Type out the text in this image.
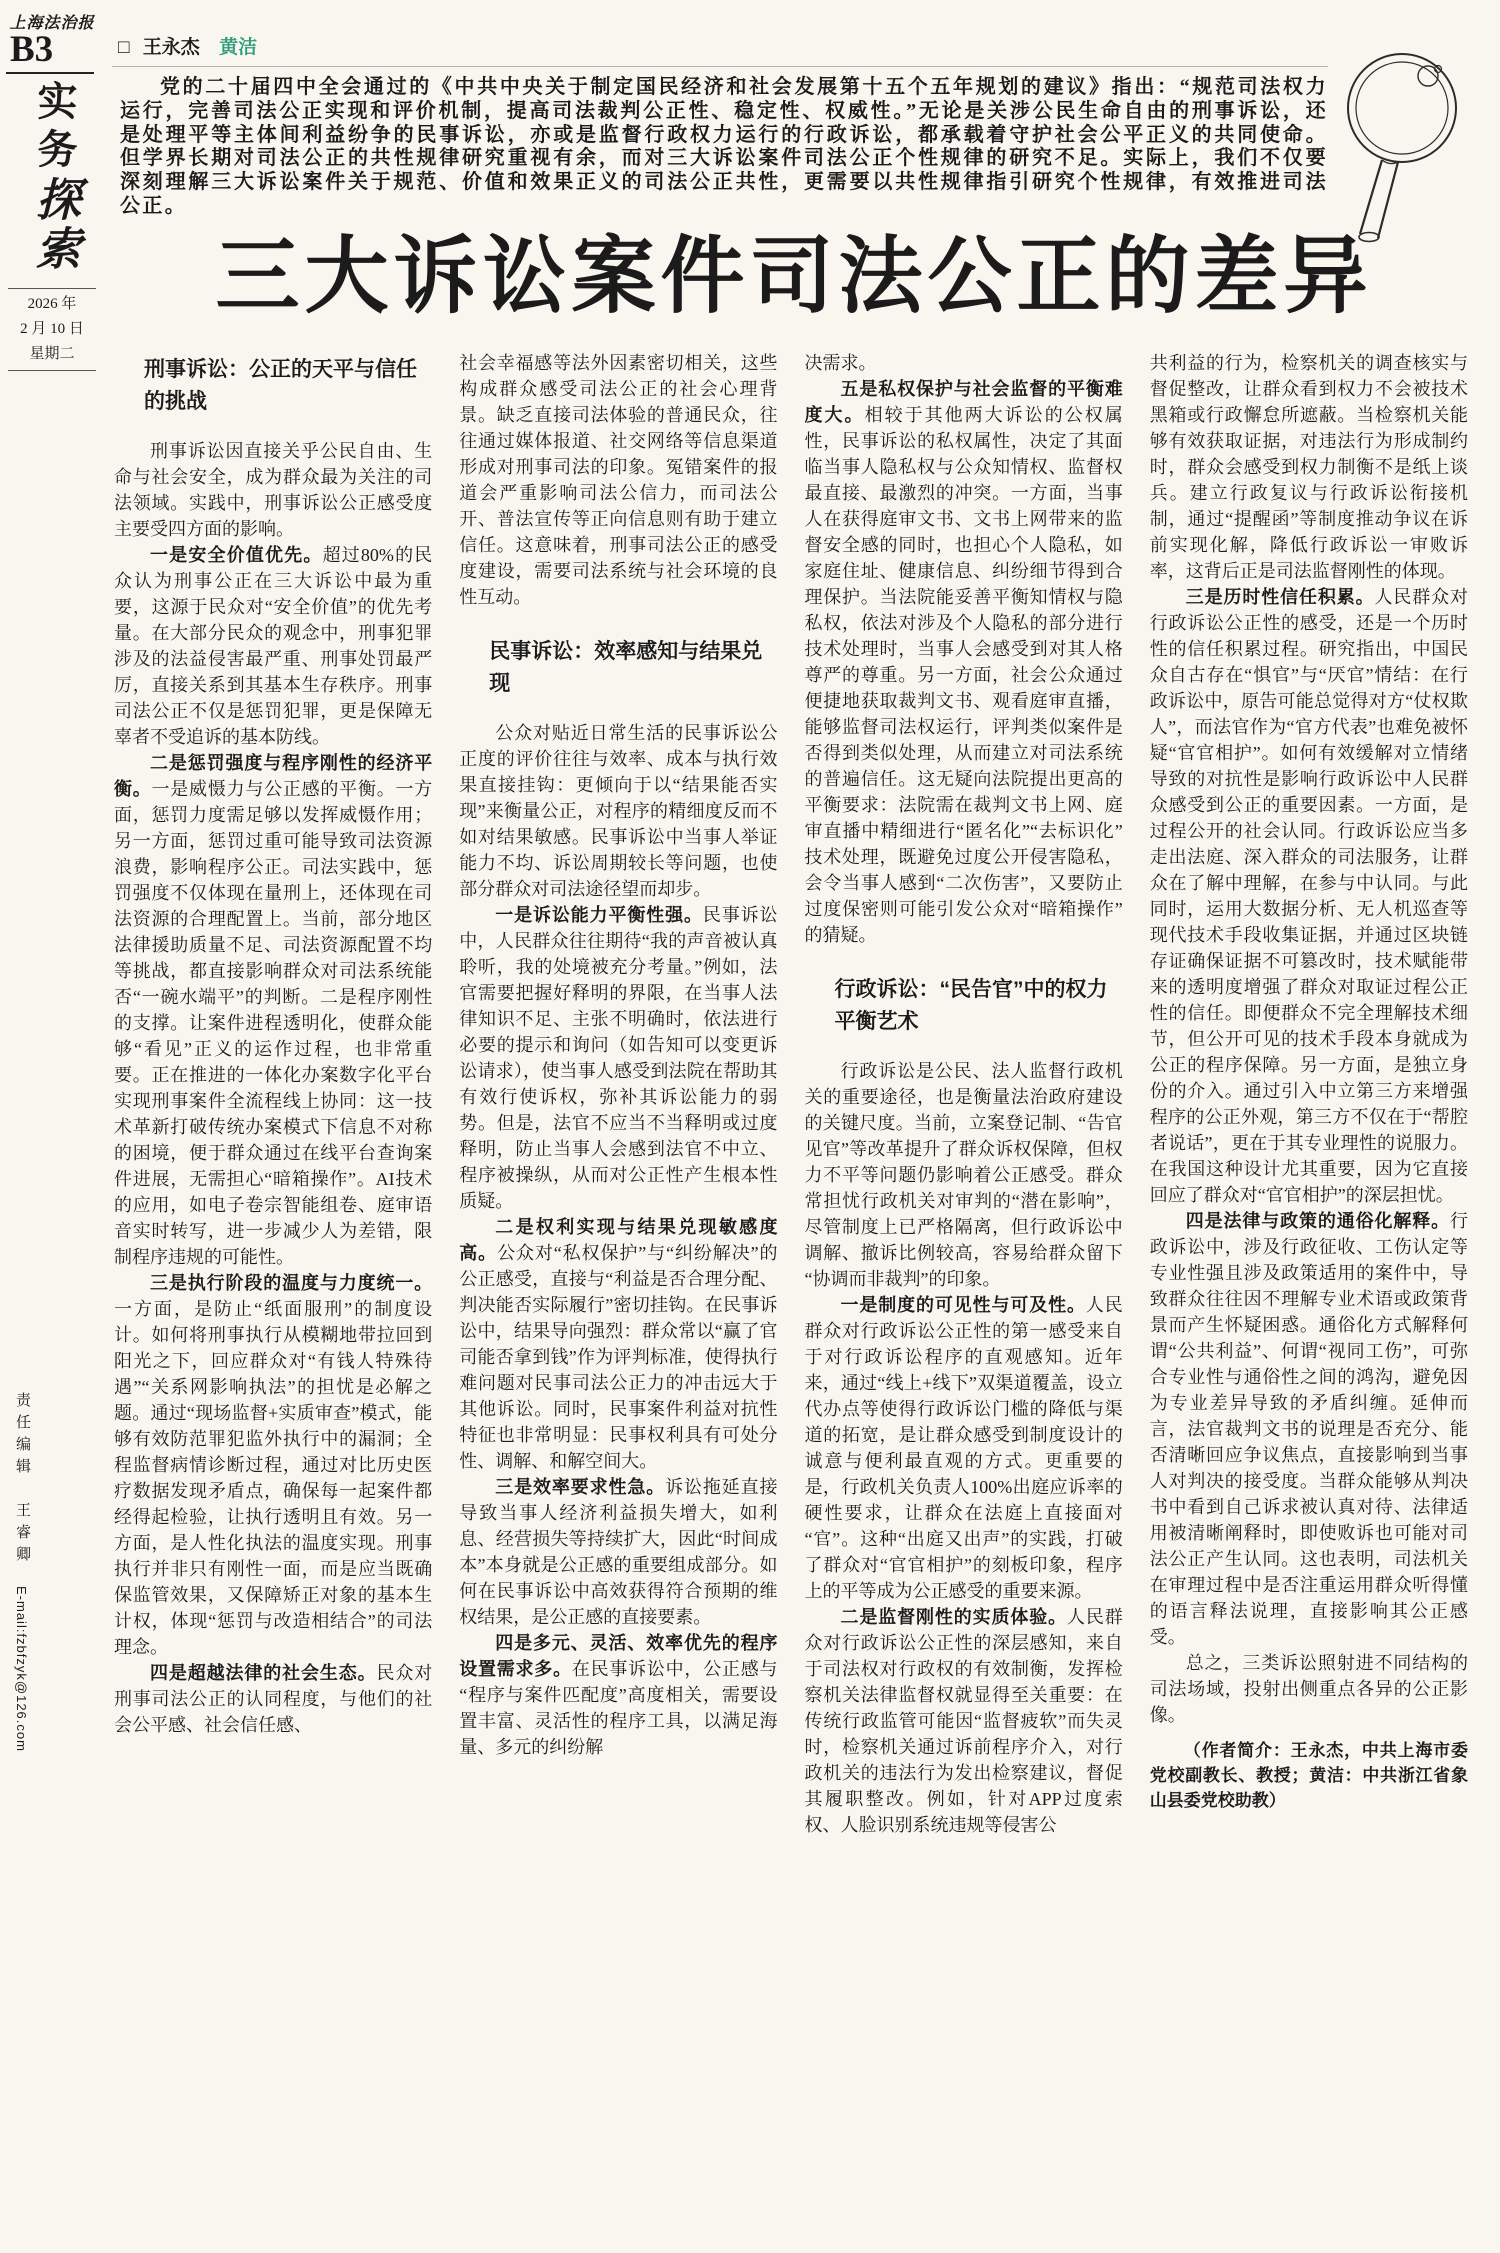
上海法治报
B3
实务
探索
2026 年
2 月 10 日
星期二
责任编辑　王睿卿
E-mail:fzbfzyk@126.com
□ 王永杰 黄洁

党的二十届四中全会通过的《中共中央关于制定国民经济和社会发展第十五个五年规划的建议》指出：“规范司法权力运行，完善司法公正实现和评价机制，提高司法裁判公正性、稳定性、权威性。”无论是关涉公民生命自由的刑事诉讼，还是处理平等主体间利益纷争的民事诉讼，亦或是监督行政权力运行的行政诉讼，都承载着守护社会公平正义的共同使命。但学界长期对司法公正的共性规律研究重视有余，而对三大诉讼案件司法公正个性规律的研究不足。实际上，我们不仅要深刻理解三大诉讼案件关于规范、价值和效果正义的司法公正共性，更需要以共性规律指引研究个性规律，有效推进司法公正。

三大诉讼案件司法公正的差异
刑事诉讼：公正的天平与信任的挑战

刑事诉讼因直接关乎公民自由、生命与社会安全，成为群众最为关注的司法领域。实践中，刑事诉讼公正感受度主要受四方面的影响。

一是安全价值优先。超过80%的民众认为刑事公正在三大诉讼中最为重要，这源于民众对“安全价值”的优先考量。在大部分民众的观念中，刑事犯罪涉及的法益侵害最严重、刑事处罚最严厉，直接关系到其基本生存秩序。刑事司法公正不仅是惩罚犯罪，更是保障无辜者不受追诉的基本防线。

二是惩罚强度与程序刚性的经济平衡。一是威慑力与公正感的平衡。一方面，惩罚力度需足够以发挥威慑作用；另一方面，惩罚过重可能导致司法资源浪费，影响程序公正。司法实践中，惩罚强度不仅体现在量刑上，还体现在司法资源的合理配置上。当前，部分地区法律援助质量不足、司法资源配置不均等挑战，都直接影响群众对司法系统能否“一碗水端平”的判断。二是程序刚性的支撑。让案件进程透明化，使群众能够“看见”正义的运作过程，也非常重要。正在推进的一体化办案数字化平台实现刑事案件全流程线上协同：这一技术革新打破传统办案模式下信息不对称的困境，便于群众通过在线平台查询案件进展，无需担心“暗箱操作”。AI技术的应用，如电子卷宗智能组卷、庭审语音实时转写，进一步减少人为差错，限制程序违规的可能性。

三是执行阶段的温度与力度统一。一方面，是防止“纸面服刑”的制度设计。如何将刑事执行从模糊地带拉回到阳光之下，回应群众对“有钱人特殊待遇”“关系网影响执法”的担忧是必解之题。通过“现场监督+实质审查”模式，能够有效防范罪犯监外执行中的漏洞；全程监督病情诊断过程，通过对比历史医疗数据发现矛盾点，确保每一起案件都经得起检验，让执行透明且有效。另一方面，是人性化执法的温度实现。刑事执行并非只有刚性一面，而是应当既确保监管效果，又保障矫正对象的基本生计权，体现“惩罚与改造相结合”的司法理念。

四是超越法律的社会生态。民众对刑事司法公正的认同程度，与他们的社会公平感、社会信任感、

社会幸福感等法外因素密切相关，这些构成群众感受司法公正的社会心理背景。缺乏直接司法体验的普通民众，往往通过媒体报道、社交网络等信息渠道形成对刑事司法的印象。冤错案件的报道会严重影响司法公信力，而司法公开、普法宣传等正向信息则有助于建立信任。这意味着，刑事司法公正的感受度建设，需要司法系统与社会环境的良性互动。

民事诉讼：效率感知与结果兑现

公众对贴近日常生活的民事诉讼公正度的评价往往与效率、成本与执行效果直接挂钩：更倾向于以“结果能否实现”来衡量公正，对程序的精细度反而不如对结果敏感。民事诉讼中当事人举证能力不均、诉讼周期较长等问题，也使部分群众对司法途径望而却步。

一是诉讼能力平衡性强。民事诉讼中，人民群众往往期待“我的声音被认真聆听，我的处境被充分考量。”例如，法官需要把握好释明的界限，在当事人法律知识不足、主张不明确时，依法进行必要的提示和询问（如告知可以变更诉讼请求），使当事人感受到法院在帮助其有效行使诉权，弥补其诉讼能力的弱势。但是，法官不应当不当释明或过度释明，防止当事人会感到法官不中立、程序被操纵，从而对公正性产生根本性质疑。

二是权利实现与结果兑现敏感度高。公众对“私权保护”与“纠纷解决”的公正感受，直接与“利益是否合理分配、判决能否实际履行”密切挂钩。在民事诉讼中，结果导向强烈：群众常以“赢了官司能否拿到钱”作为评判标准，使得执行难问题对民事司法公正力的冲击远大于其他诉讼。同时，民事案件利益对抗性特征也非常明显：民事权利具有可处分性、调解、和解空间大。

三是效率要求性急。诉讼拖延直接导致当事人经济利益损失增大，如利息、经营损失等持续扩大，因此“时间成本”本身就是公正感的重要组成部分。如何在民事诉讼中高效获得符合预期的维权结果，是公正感的直接要素。

四是多元、灵活、效率优先的程序设置需求多。在民事诉讼中，公正感与“程序与案件匹配度”高度相关，需要设置丰富、灵活性的程序工具，以满足海量、多元的纠纷解

决需求。

五是私权保护与社会监督的平衡难度大。相较于其他两大诉讼的公权属性，民事诉讼的私权属性，决定了其面临当事人隐私权与公众知情权、监督权最直接、最激烈的冲突。一方面，当事人在获得庭审文书、文书上网带来的监督安全感的同时，也担心个人隐私，如家庭住址、健康信息、纠纷细节得到合理保护。当法院能妥善平衡知情权与隐私权，依法对涉及个人隐私的部分进行技术处理时，当事人会感受到对其人格尊严的尊重。另一方面，社会公众通过便捷地获取裁判文书、观看庭审直播，能够监督司法权运行，评判类似案件是否得到类似处理，从而建立对司法系统的普遍信任。这无疑向法院提出更高的平衡要求：法院需在裁判文书上网、庭审直播中精细进行“匿名化”“去标识化”技术处理，既避免过度公开侵害隐私，会令当事人感到“二次伤害”，又要防止过度保密则可能引发公众对“暗箱操作”的猜疑。

行政诉讼：“民告官”中的权力平衡艺术

行政诉讼是公民、法人监督行政机关的重要途径，也是衡量法治政府建设的关键尺度。当前，立案登记制、“告官见官”等改革提升了群众诉权保障，但权力不平等问题仍影响着公正感受。群众常担忧行政机关对审判的“潜在影响”，尽管制度上已严格隔离，但行政诉讼中调解、撤诉比例较高，容易给群众留下“协调而非裁判”的印象。

一是制度的可见性与可及性。人民群众对行政诉讼公正性的第一感受来自于对行政诉讼程序的直观感知。近年来，通过“线上+线下”双渠道覆盖，设立代办点等使得行政诉讼门槛的降低与渠道的拓宽，是让群众感受到制度设计的诚意与便利最直观的方式。更重要的是，行政机关负责人100%出庭应诉率的硬性要求，让群众在法庭上直接面对“官”。这种“出庭又出声”的实践，打破了群众对“官官相护”的刻板印象，程序上的平等成为公正感受的重要来源。

二是监督刚性的实质体验。人民群众对行政诉讼公正性的深层感知，来自于司法权对行政权的有效制衡，发挥检察机关法律监督权就显得至关重要：在传统行政监管可能因“监督疲软”而失灵时，检察机关通过诉前程序介入，对行政机关的违法行为发出检察建议，督促其履职整改。例如，针对APP过度索权、人脸识别系统违规等侵害公

共利益的行为，检察机关的调查核实与督促整改，让群众看到权力不会被技术黑箱或行政懈怠所遮蔽。当检察机关能够有效获取证据，对违法行为形成制约时，群众会感受到权力制衡不是纸上谈兵。建立行政复议与行政诉讼衔接机制，通过“提醒函”等制度推动争议在诉前实现化解，降低行政诉讼一审败诉率，这背后正是司法监督刚性的体现。

三是历时性信任积累。人民群众对行政诉讼公正性的感受，还是一个历时性的信任积累过程。研究指出，中国民众自古存在“惧官”与“厌官”情结：在行政诉讼中，原告可能总觉得对方“仗权欺人”，而法官作为“官方代表”也难免被怀疑“官官相护”。如何有效缓解对立情绪导致的对抗性是影响行政诉讼中人民群众感受到公正的重要因素。一方面，是过程公开的社会认同。行政诉讼应当多走出法庭、深入群众的司法服务，让群众在了解中理解，在参与中认同。与此同时，运用大数据分析、无人机巡查等现代技术手段收集证据，并通过区块链存证确保证据不可篡改时，技术赋能带来的透明度增强了群众对取证过程公正性的信任。即便群众不完全理解技术细节，但公开可见的技术手段本身就成为公正的程序保障。另一方面，是独立身份的介入。通过引入中立第三方来增强程序的公正外观，第三方不仅在于“帮腔者说话”，更在于其专业理性的说服力。在我国这种设计尤其重要，因为它直接回应了群众对“官官相护”的深层担忧。

四是法律与政策的通俗化解释。行政诉讼中，涉及行政征收、工伤认定等专业性强且涉及政策适用的案件中，导致群众往往因不理解专业术语或政策背景而产生怀疑困惑。通俗化方式解释何谓“公共利益”、何谓“视同工伤”，可弥合专业性与通俗性之间的鸿沟，避免因为专业差异导致的矛盾纠缠。延伸而言，法官裁判文书的说理是否充分、能否清晰回应争议焦点，直接影响到当事人对判决的接受度。当群众能够从判决书中看到自己诉求被认真对待、法律适用被清晰阐释时，即使败诉也可能对司法公正产生认同。这也表明，司法机关在审理过程中是否注重运用群众听得懂的语言释法说理，直接影响其公正感受。

总之，三类诉讼照射进不同结构的司法场域，投射出侧重点各异的公正影像。

（作者简介：王永杰，中共上海市委党校副教长、教授；黄洁：中共浙江省象山县委党校助教）
